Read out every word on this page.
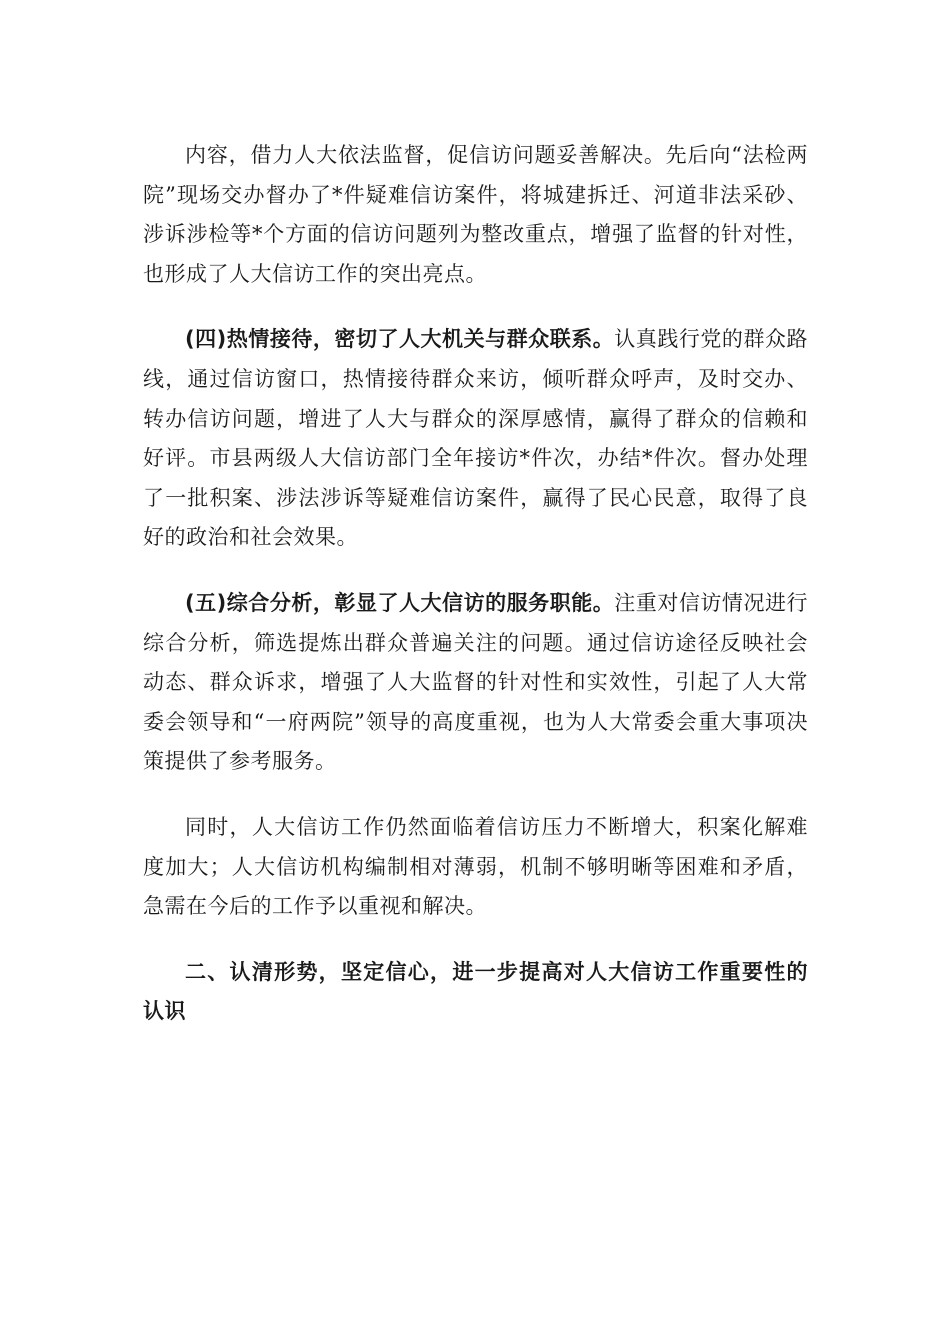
内容，借力人大依法监督，促信访问题妥善解决。先后向“法检两院”现场交办督办了*件疑难信访案件，将城建拆迁、河道非法采砂、涉诉涉检等*个方面的信访问题列为整改重点，增强了监督的针对性，也形成了人大信访工作的突出亮点。

(四)热情接待，密切了人大机关与群众联系。认真践行党的群众路线，通过信访窗口，热情接待群众来访，倾听群众呼声，及时交办、转办信访问题，增进了人大与群众的深厚感情，赢得了群众的信赖和好评。市县两级人大信访部门全年接访*件次，办结*件次。督办处理了一批积案、涉法涉诉等疑难信访案件，赢得了民心民意，取得了良好的政治和社会效果。

(五)综合分析，彰显了人大信访的服务职能。注重对信访情况进行综合分析，筛选提炼出群众普遍关注的问题。通过信访途径反映社会动态、群众诉求，增强了人大监督的针对性和实效性，引起了人大常委会领导和“一府两院”领导的高度重视，也为人大常委会重大事项决策提供了参考服务。

同时，人大信访工作仍然面临着信访压力不断增大，积案化解难度加大；人大信访机构编制相对薄弱，机制不够明晰等困难和矛盾，急需在今后的工作予以重视和解决。

二、认清形势，坚定信心，进一步提高对人大信访工作重要性的认识
